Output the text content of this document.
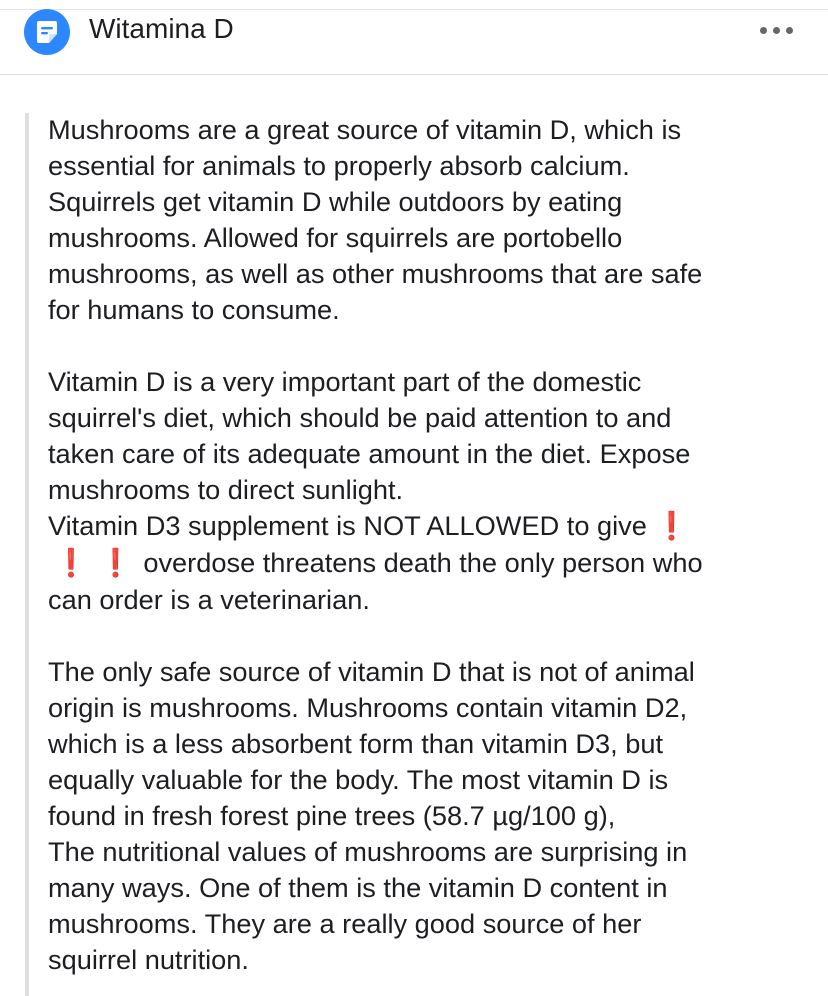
Witamina D

Mushrooms are a great source of vitamin D, which is
essential for animals to properly absorb calcium.
Squirrels get vitamin D while outdoors by eating
mushrooms. Allowed for squirrels are portobello
mushrooms, as well as other mushrooms that are safe
for humans to consume.

Vitamin D is a very important part of the domestic
squirrel's diet, which should be paid attention to and
taken care of its adequate amount in the diet. Expose
mushrooms to direct sunlight.
Vitamin D3 supplement is NOT ALLOWED to give ❗
❗ ❗ overdose threatens death the only person who
can order is a veterinarian.

The only safe source of vitamin D that is not of animal
origin is mushrooms. Mushrooms contain vitamin D2,
which is a less absorbent form than vitamin D3, but
equally valuable for the body. The most vitamin D is
found in fresh forest pine trees (58.7 µg/100 g),
The nutritional values of mushrooms are surprising in
many ways. One of them is the vitamin D content in
mushrooms. They are a really good source of her
squirrel nutrition.
